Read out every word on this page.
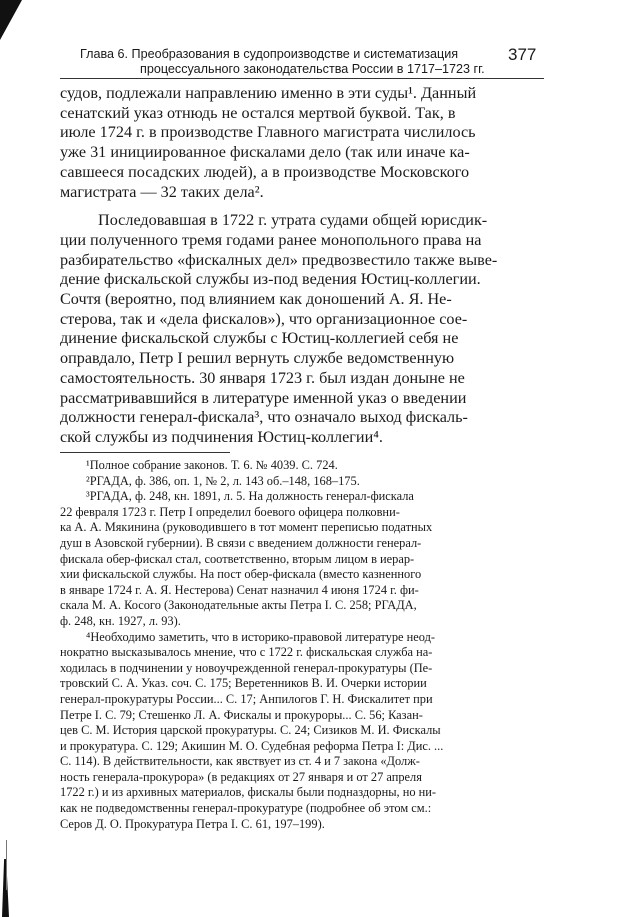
Глава 6. Преобразования в судопроизводстве и систематизация
процессуального законодательства России в 1717–1723 гг.
377

судов, подлежали направлению именно в эти суды¹. Данный
сенатский указ отнюдь не остался мертвой буквой. Так, в
июле 1724 г. в производстве Главного магистрата числилось
уже 31 инициированное фискалами дело (так или иначе ка-
савшееся посадских людей), а в производстве Московского
магистрата — 32 таких дела².

Последовавшая в 1722 г. утрата судами общей юрисдик-
ции полученного тремя годами ранее монопольного права на
разбирательство «фискалных дел» предвозвестило также выве-
дение фискальской службы из-под ведения Юстиц-коллегии.
Сочтя (вероятно, под влиянием как доношений А. Я. Не-
стерова, так и «дела фискалов»), что организационное сое-
динение фискальской службы с Юстиц-коллегией себя не
оправдало, Петр I решил вернуть службе ведомственную
самостоятельность. 30 января 1723 г. был издан доныне не
рассматривавшийся в литературе именной указ о введении
должности генерал-фискала³, что означало выход фискаль-
ской службы из подчинения Юстиц-коллегии⁴.

¹Полное собрание законов. Т. 6. № 4039. С. 724.
²РГАДА, ф. 386, оп. 1, № 2, л. 143 об.–148, 168–175.
³РГАДА, ф. 248, кн. 1891, л. 5. На должность генерал-фискала
22 февраля 1723 г. Петр I определил боевого офицера полковни-
ка А. А. Мякинина (руководившего в тот момент переписью податных
душ в Азовской губернии). В связи с введением должности генерал-
фискала обер-фискал стал, соответственно, вторым лицом в иерар-
хии фискальской службы. На пост обер-фискала (вместо казненного
в январе 1724 г. А. Я. Нестерова) Сенат назначил 4 июня 1724 г. фи-
скала М. А. Косого (Законодательные акты Петра I. С. 258; РГАДА,
ф. 248, кн. 1927, л. 93).
⁴Необходимо заметить, что в историко-правовой литературе неод-
нократно высказывалось мнение, что с 1722 г. фискальская служба на-
ходилась в подчинении у новоучрежденной генерал-прокуратуры (Пе-
тровский С. А. Указ. соч. С. 175; Веретенников В. И. Очерки истории
генерал-прокуратуры России... С. 17; Анпилогов Г. Н. Фискалитет при
Петре I. С. 79; Стешенко Л. А. Фискалы и прокуроры... С. 56; Казан-
цев С. М. История царской прокуратуры. С. 24; Сизиков М. И. Фискалы
и прокуратура. С. 129; Акишин М. О. Судебная реформа Петра I: Дис. ...
С. 114). В действительности, как явствует из ст. 4 и 7 закона «Долж-
ность генерала-прокурора» (в редакциях от 27 января и от 27 апреля
1722 г.) и из архивных материалов, фискалы были подназдорны, но ни-
как не подведомственны генерал-прокуратуре (подробнее об этом см.:
Серов Д. О. Прокуратура Петра I. С. 61, 197–199).
